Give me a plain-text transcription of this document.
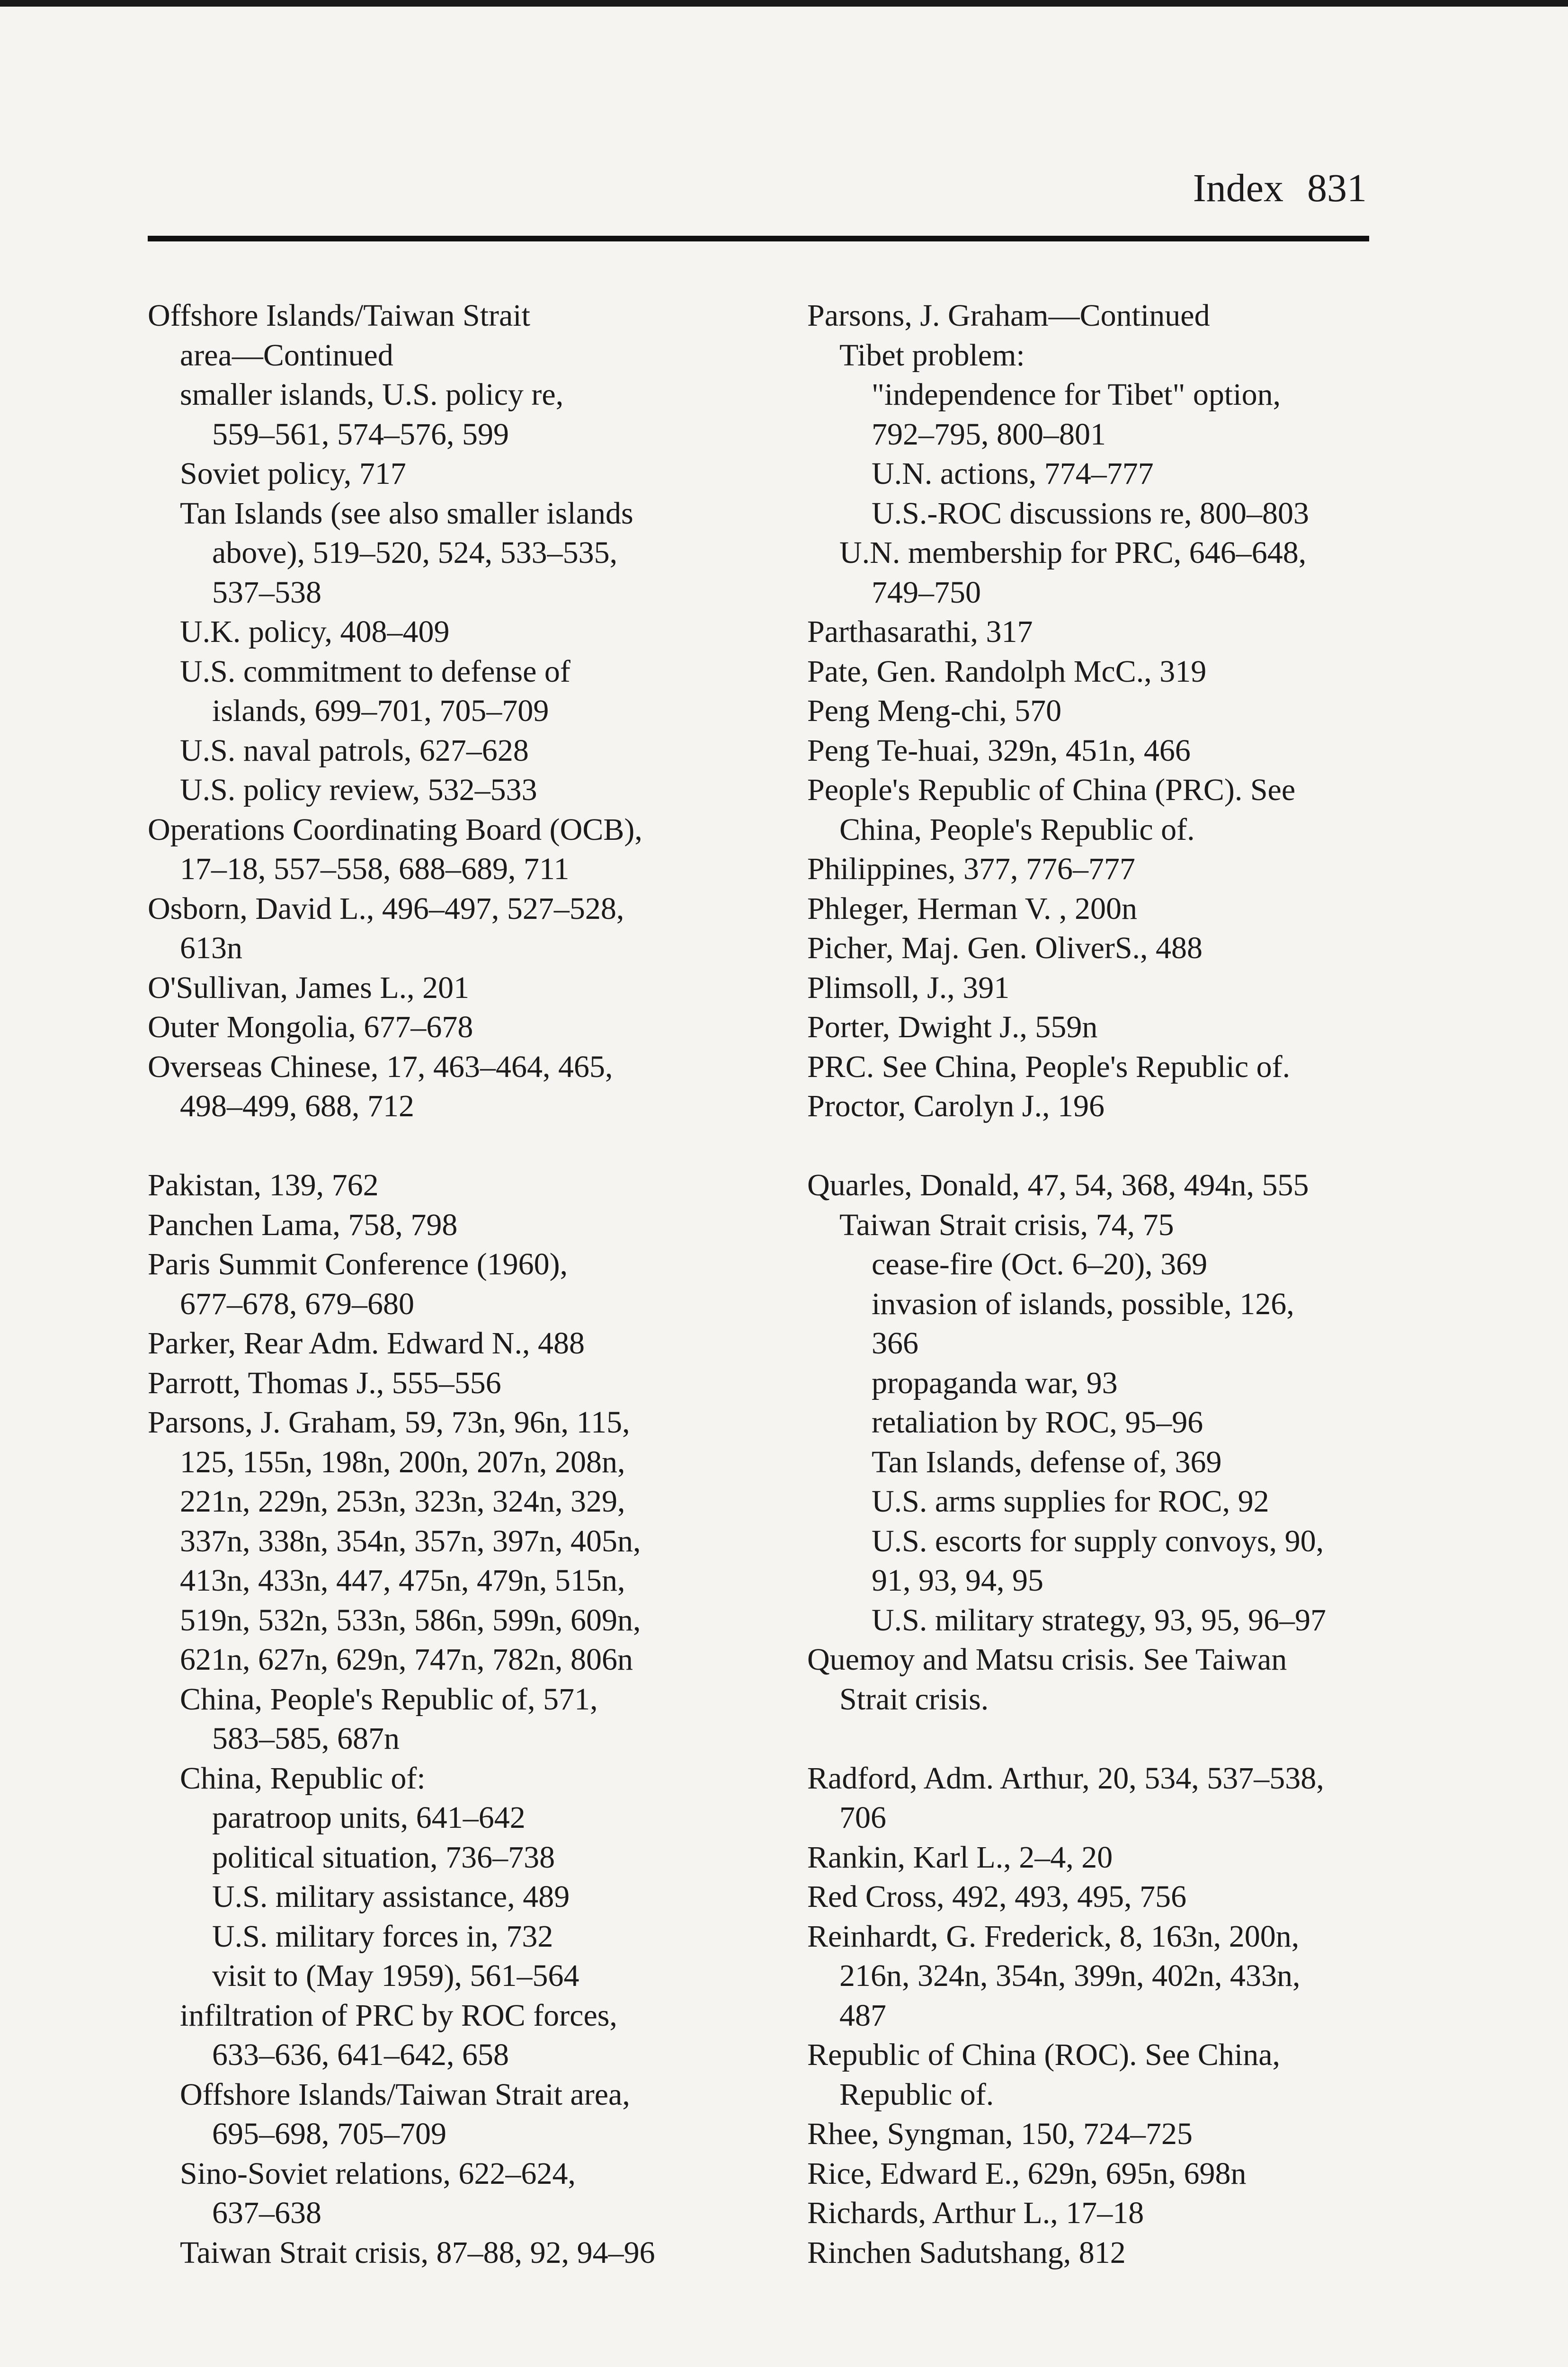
Index 831
Offshore Islands/Taiwan Strait
area—Continued
smaller islands, U.S. policy re,
559–561, 574–576, 599
Soviet policy, 717
Tan Islands (see also smaller islands
above), 519–520, 524, 533–535,
537–538
U.K. policy, 408–409
U.S. commitment to defense of
islands, 699–701, 705–709
U.S. naval patrols, 627–628
U.S. policy review, 532–533
Operations Coordinating Board (OCB),
17–18, 557–558, 688–689, 711
Osborn, David L., 496–497, 527–528,
613n
O'Sullivan, James L., 201
Outer Mongolia, 677–678
Overseas Chinese, 17, 463–464, 465,
498–499, 688, 712
Pakistan, 139, 762
Panchen Lama, 758, 798
Paris Summit Conference (1960),
677–678, 679–680
Parker, Rear Adm. Edward N., 488
Parrott, Thomas J., 555–556
Parsons, J. Graham, 59, 73n, 96n, 115,
125, 155n, 198n, 200n, 207n, 208n,
221n, 229n, 253n, 323n, 324n, 329,
337n, 338n, 354n, 357n, 397n, 405n,
413n, 433n, 447, 475n, 479n, 515n,
519n, 532n, 533n, 586n, 599n, 609n,
621n, 627n, 629n, 747n, 782n, 806n
China, People's Republic of, 571,
583–585, 687n
China, Republic of:
paratroop units, 641–642
political situation, 736–738
U.S. military assistance, 489
U.S. military forces in, 732
visit to (May 1959), 561–564
infiltration of PRC by ROC forces,
633–636, 641–642, 658
Offshore Islands/Taiwan Strait area,
695–698, 705–709
Sino-Soviet relations, 622–624,
637–638
Taiwan Strait crisis, 87–88, 92, 94–96
Parsons, J. Graham—Continued
Tibet problem:
"independence for Tibet" option,
792–795, 800–801
U.N. actions, 774–777
U.S.-ROC discussions re, 800–803
U.N. membership for PRC, 646–648,
749–750
Parthasarathi, 317
Pate, Gen. Randolph McC., 319
Peng Meng-chi, 570
Peng Te-huai, 329n, 451n, 466
People's Republic of China (PRC). See
China, People's Republic of.
Philippines, 377, 776–777
Phleger, Herman V. , 200n
Picher, Maj. Gen. OliverS., 488
Plimsoll, J., 391
Porter, Dwight J., 559n
PRC. See China, People's Republic of.
Proctor, Carolyn J., 196
Quarles, Donald, 47, 54, 368, 494n, 555
Taiwan Strait crisis, 74, 75
cease-fire (Oct. 6–20), 369
invasion of islands, possible, 126,
366
propaganda war, 93
retaliation by ROC, 95–96
Tan Islands, defense of, 369
U.S. arms supplies for ROC, 92
U.S. escorts for supply convoys, 90,
91, 93, 94, 95
U.S. military strategy, 93, 95, 96–97
Quemoy and Matsu crisis. See Taiwan
Strait crisis.
Radford, Adm. Arthur, 20, 534, 537–538,
706
Rankin, Karl L., 2–4, 20
Red Cross, 492, 493, 495, 756
Reinhardt, G. Frederick, 8, 163n, 200n,
216n, 324n, 354n, 399n, 402n, 433n,
487
Republic of China (ROC). See China,
Republic of.
Rhee, Syngman, 150, 724–725
Rice, Edward E., 629n, 695n, 698n
Richards, Arthur L., 17–18
Rinchen Sadutshang, 812
